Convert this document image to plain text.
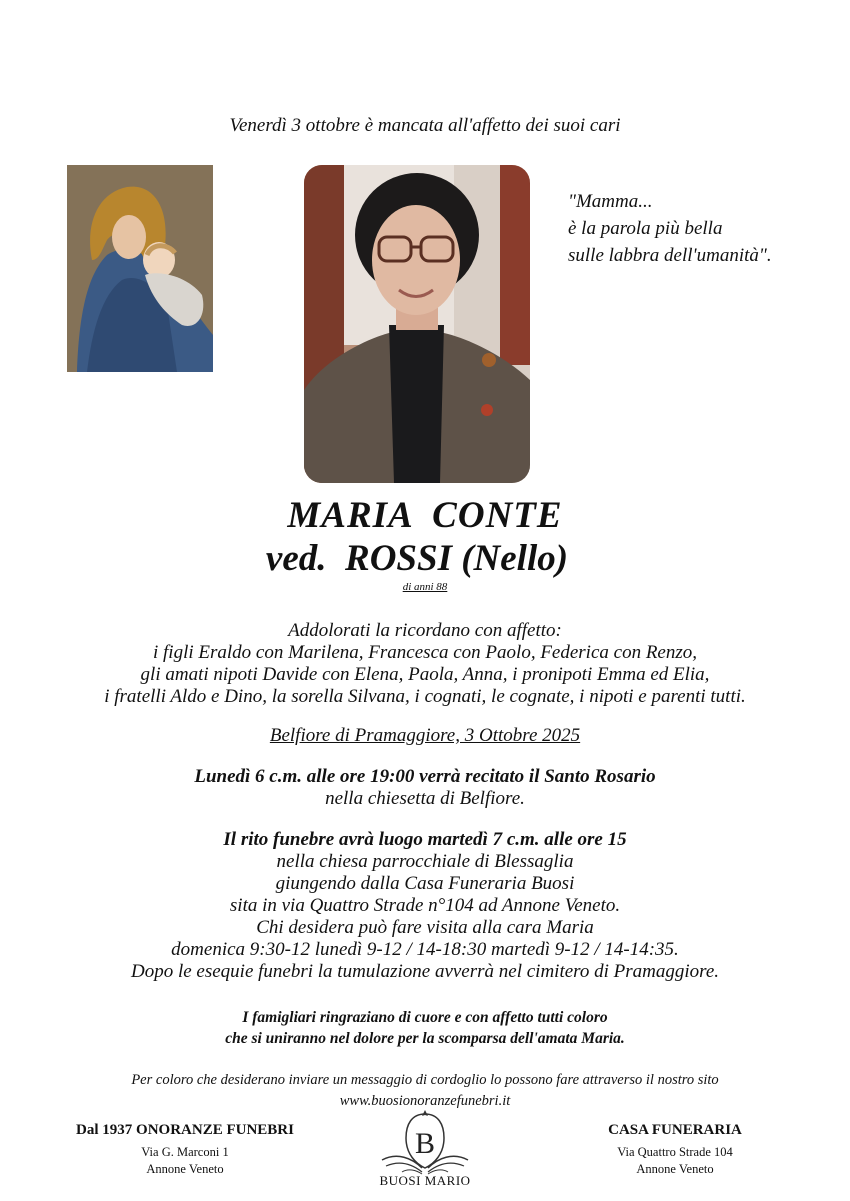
Venerdì 3 ottobre è mancata all'affetto dei suoi cari
"Mamma...
è la parola più bella
sulle labbra dell'umanità".
MARIA  CONTE
ved.  ROSSI (Nello)
di anni 88
Addolorati la ricordano con affetto:
i figli Eraldo con Marilena, Francesca con Paolo, Federica con Renzo,
gli amati nipoti Davide con Elena, Paola, Anna, i pronipoti Emma ed Elia,
i fratelli Aldo e Dino, la sorella Silvana, i cognati, le cognate, i nipoti e parenti tutti.
Belfiore di Pramaggiore, 3 Ottobre 2025
Lunedì 6 c.m. alle ore 19:00 verrà recitato il Santo Rosario
nella chiesetta di Belfiore.
Il rito funebre avrà luogo martedì 7 c.m. alle ore 15
nella chiesa parrocchiale di Blessaglia
giungendo dalla Casa Funeraria Buosi
sita in via Quattro Strade n°104 ad Annone Veneto.
Chi desidera può fare visita alla cara Maria
domenica 9:30-12 lunedì 9-12 / 14-18:30 martedì 9-12 / 14-14:35.
Dopo le esequie funebri la tumulazione avverrà nel cimitero di Pramaggiore.
I famigliari ringraziano di cuore e con affetto tutti coloro
che si uniranno nel dolore per la scomparsa dell'amata Maria.
Per coloro che desiderano inviare un messaggio di cordoglio lo possono fare attraverso il nostro sito
www.buosionoranzefunebri.it
Dal 1937 ONORANZE FUNEBRI
Via G. Marconi 1
Annone Veneto
B
BUOSI MARIO
CASA FUNERARIA
Via Quattro Strade 104
Annone Veneto
